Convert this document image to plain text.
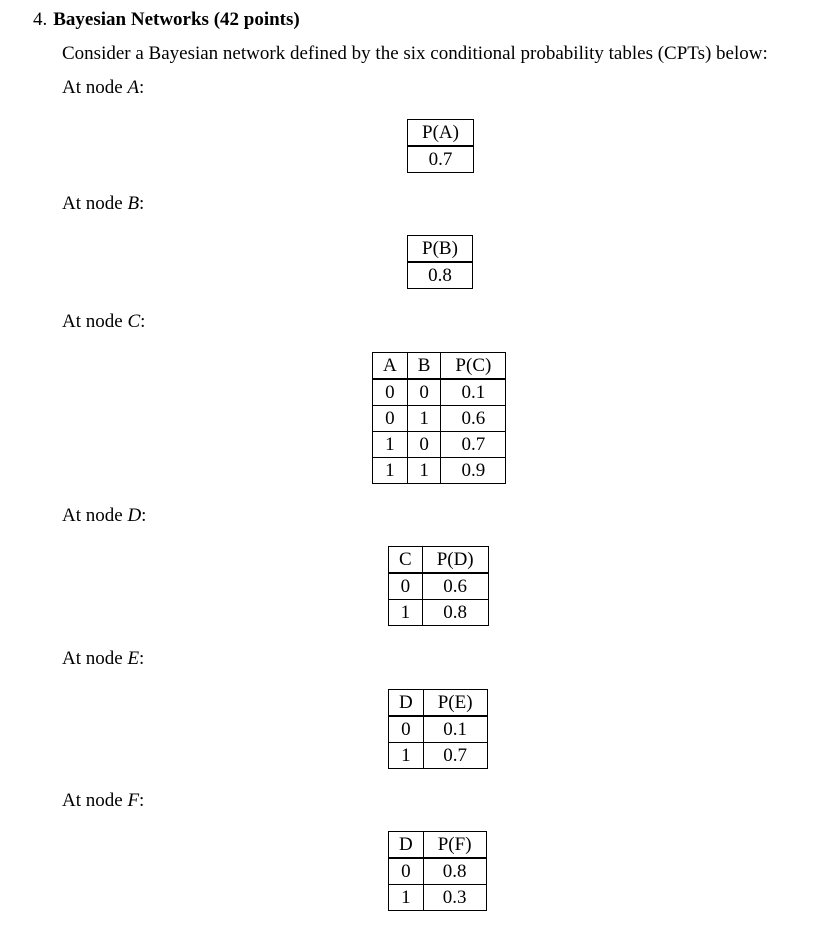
4. Bayesian Networks (42 points)
Consider a Bayesian network defined by the six conditional probability tables (CPTs) below:
At node A:
P(A)
0.7
At node B:
P(B)
0.8
At node C:
A	B	P(C)
0	0	0.1
0	1	0.6
1	0	0.7
1	1	0.9
At node D:
C	P(D)
0	0.6
1	0.8
At node E:
D	P(E)
0	0.1
1	0.7
At node F:
D	P(F)
0	0.8
1	0.3
